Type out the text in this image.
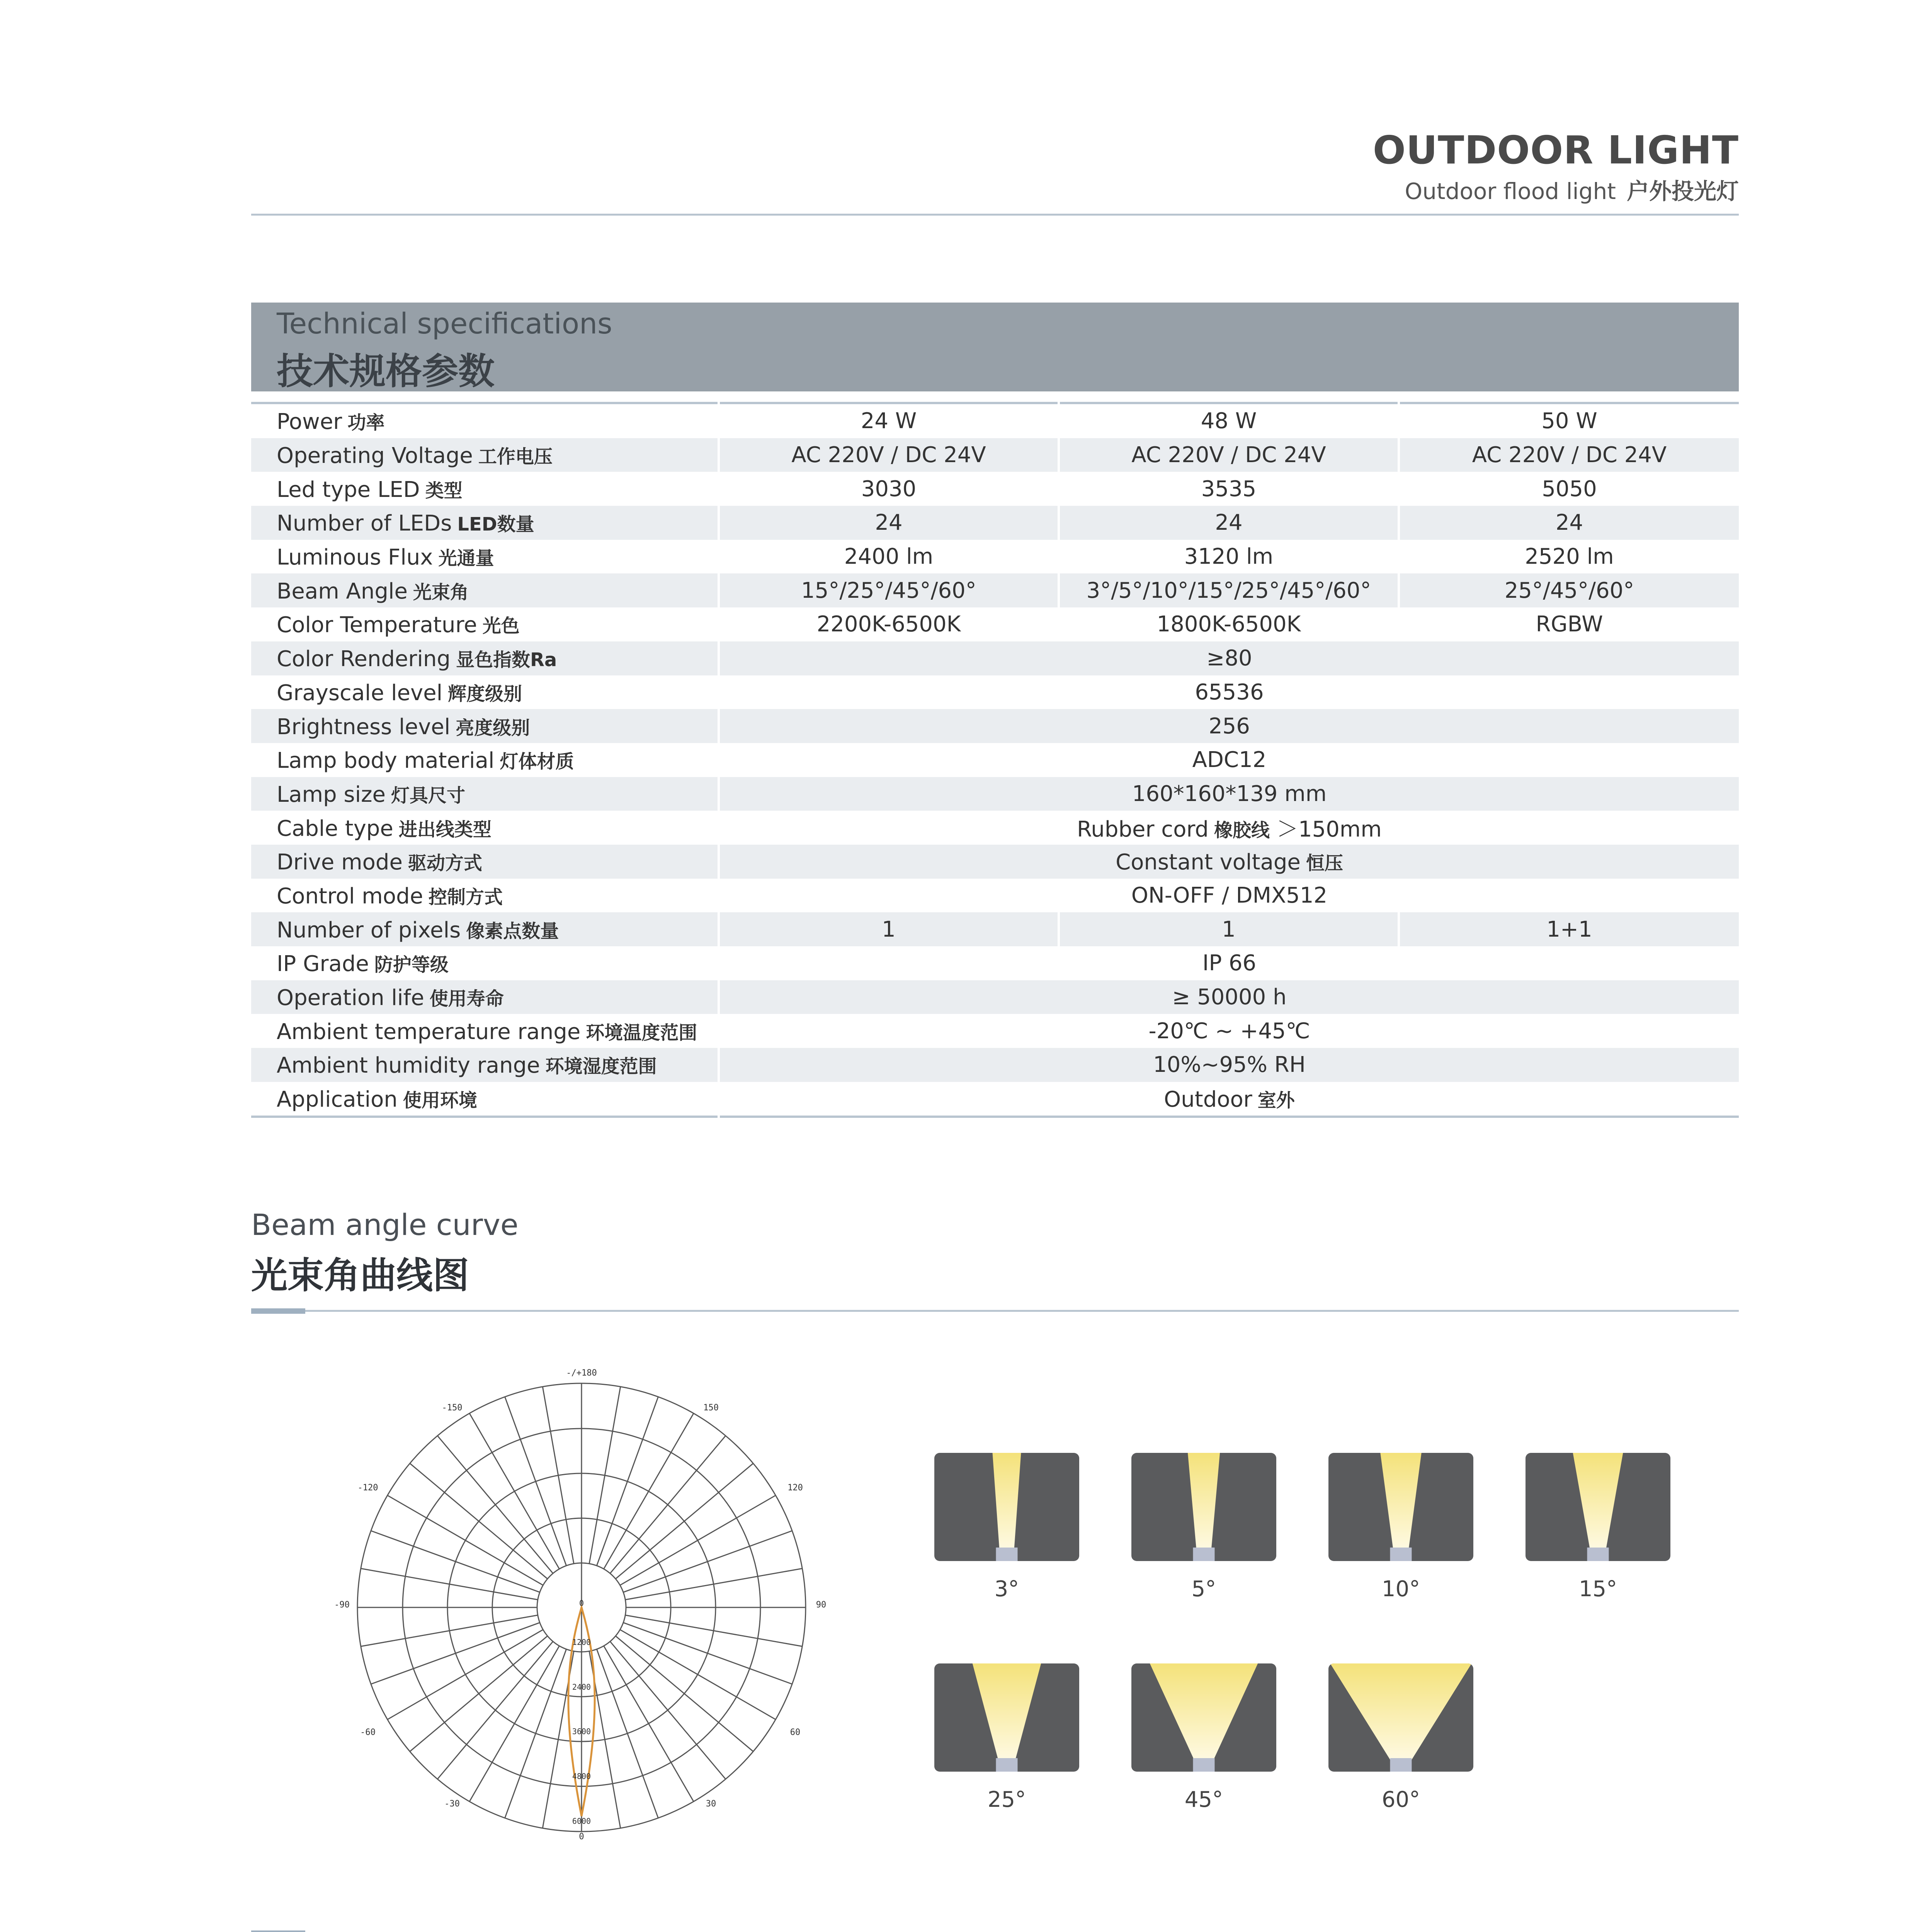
OUTDOOR LIGHT
Outdoor flood light 户外投光灯
Technical specifications
技术规格参数
Power 功率	24 W	48 W	50 W
Operating Voltage 工作电压	AC 220V / DC 24V	AC 220V / DC 24V	AC 220V / DC 24V
Led type LED 类型	3030	3535	5050
Number of LEDs LED数量	24	24	24
Luminous Flux 光通量	2400 lm	3120 lm	2520 lm
Beam Angle 光束角	15°/25°/45°/60°	3°/5°/10°/15°/25°/45°/60°	25°/45°/60°
Color Temperature 光色	2200K-6500K	1800K-6500K	RGBW
Color Rendering 显色指数Ra	≥80		
Grayscale level 辉度级别	65536		
Brightness level 亮度级别	256		
Lamp body material 灯体材质	ADC12		
Lamp size 灯具尺寸	160*160*139 mm		
Cable type 进出线类型	Rubber cord 橡胶线 ＞150mm		
Drive mode 驱动方式	Constant voltage 恒压		
Control mode 控制方式	ON-OFF / DMX512		
Number of pixels 像素点数量	1	1	1+1
IP Grade 防护等级	IP 66		
Operation life 使用寿命	≥ 50000 h		
Ambient temperature range 环境温度范围	-20℃ ~ +45℃		
Ambient humidity range 环境湿度范围	10%~95% RH		
Application 使用环境	Outdoor 室外		
Beam angle curve
光束角曲线图
-/+180
-150	150
-120	120
-90	90
-60	60
-30	30
0
0
1200
2400
3600
4800
6000
3°	5°	10°	15°
25°	45°	60°
